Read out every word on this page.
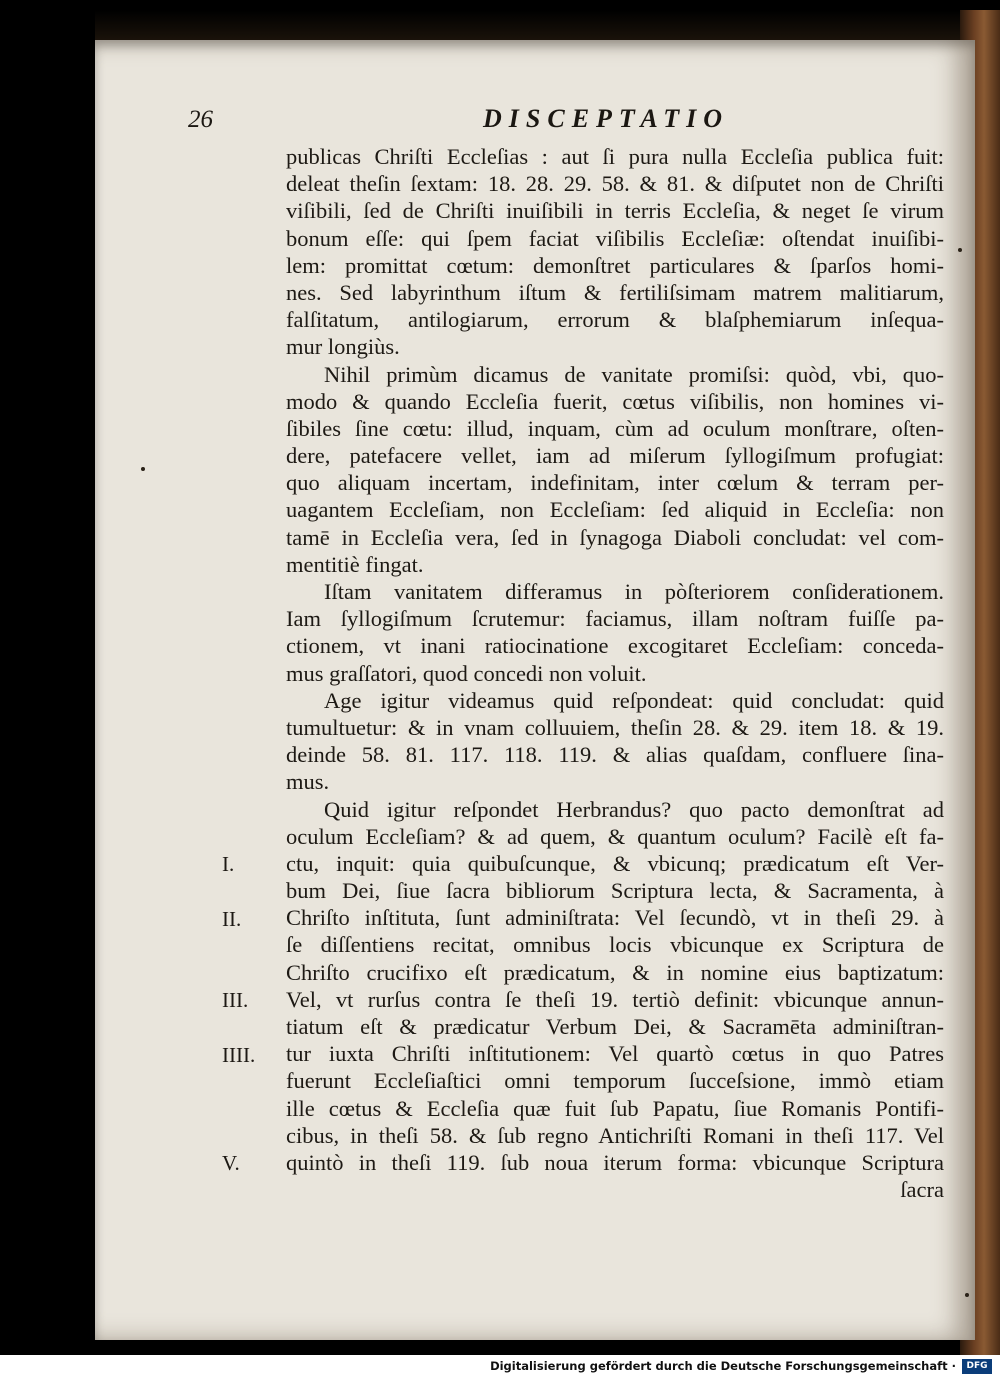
26	DISCEPTATIO
publicas Chriſti Eccleſias : aut ſi pura nulla Eccleſia publica fuit:
deleat theſin ſextam: 18. 28. 29. 58. & 81. & diſputet non de Chriſti
viſibili, ſed de Chriſti inuiſibili in terris Eccleſia, & neget ſe virum
bonum eſſe: qui ſpem faciat viſibilis Eccleſiæ: oſtendat inuiſibi-
lem: promittat cœtum: demonſtret particulares & ſparſos homi-
nes. Sed labyrinthum iſtum & fertiliſsimam matrem malitiarum,
falſitatum, antilogiarum, errorum & blaſphemiarum inſequa-
mur longiùs.
Nihil primùm dicamus de vanitate promiſsi: quòd, vbi, quo-
modo & quando Eccleſia fuerit, cœtus viſibilis, non homines vi-
ſibiles ſine cœtu: illud, inquam, cùm ad oculum monſtrare, oſten-
dere, patefacere vellet, iam ad miſerum ſyllogiſmum profugiat:
quo aliquam incertam, indefinitam, inter cœlum & terram per-
uagantem Eccleſiam, non Eccleſiam: ſed aliquid in Eccleſia: non
tamē in Eccleſia vera, ſed in ſynagoga Diaboli concludat: vel com-
mentitiè fingat.
Iſtam vanitatem differamus in pòſteriorem conſiderationem.
Iam ſyllogiſmum ſcrutemur: faciamus, illam noſtram fuiſſe pa-
ctionem, vt inani ratiocinatione excogitaret Eccleſiam: conceda-
mus graſſatori, quod concedi non voluit.
Age igitur videamus quid reſpondeat: quid concludat: quid
tumultuetur: & in vnam colluuiem, theſin 28. & 29. item 18. & 19.
deinde 58. 81. 117. 118. 119. & alias quaſdam, confluere ſina-
mus.
Quid igitur reſpondet Herbrandus? quo pacto demonſtrat ad
oculum Eccleſiam? & ad quem, & quantum oculum? Facilè eſt fa-
ctu, inquit: quia quibuſcunque, & vbicunq; prædicatum eſt Ver-
bum Dei, ſiue ſacra bibliorum Scriptura lecta, & Sacramenta, à
Chriſto inſtituta, ſunt adminiſtrata: Vel ſecundò, vt in theſi 29. à
ſe diſſentiens recitat, omnibus locis vbicunque ex Scriptura de
Chriſto crucifixo eſt prædicatum, & in nomine eius baptizatum:
Vel, vt rurſus contra ſe theſi 19. tertiò definit: vbicunque annun-
tiatum eſt & prædicatur Verbum Dei, & Sacramēta adminiſtran-
tur iuxta Chriſti inſtitutionem: Vel quartò cœtus in quo Patres
fuerunt Eccleſiaſtici omni temporum ſucceſsione, immò etiam
ille cœtus & Eccleſia quæ fuit ſub Papatu, ſiue Romanis Pontifi-
cibus, in theſi 58. & ſub regno Antichriſti Romani in theſi 117. Vel
quintò in theſi 119. ſub noua iterum forma: vbicunque Scriptura
ſacra
I.
II.
III.
IIII.
V.
Digitalisierung gefördert durch die Deutsche Forschungsgemeinschaft ·	DFG
